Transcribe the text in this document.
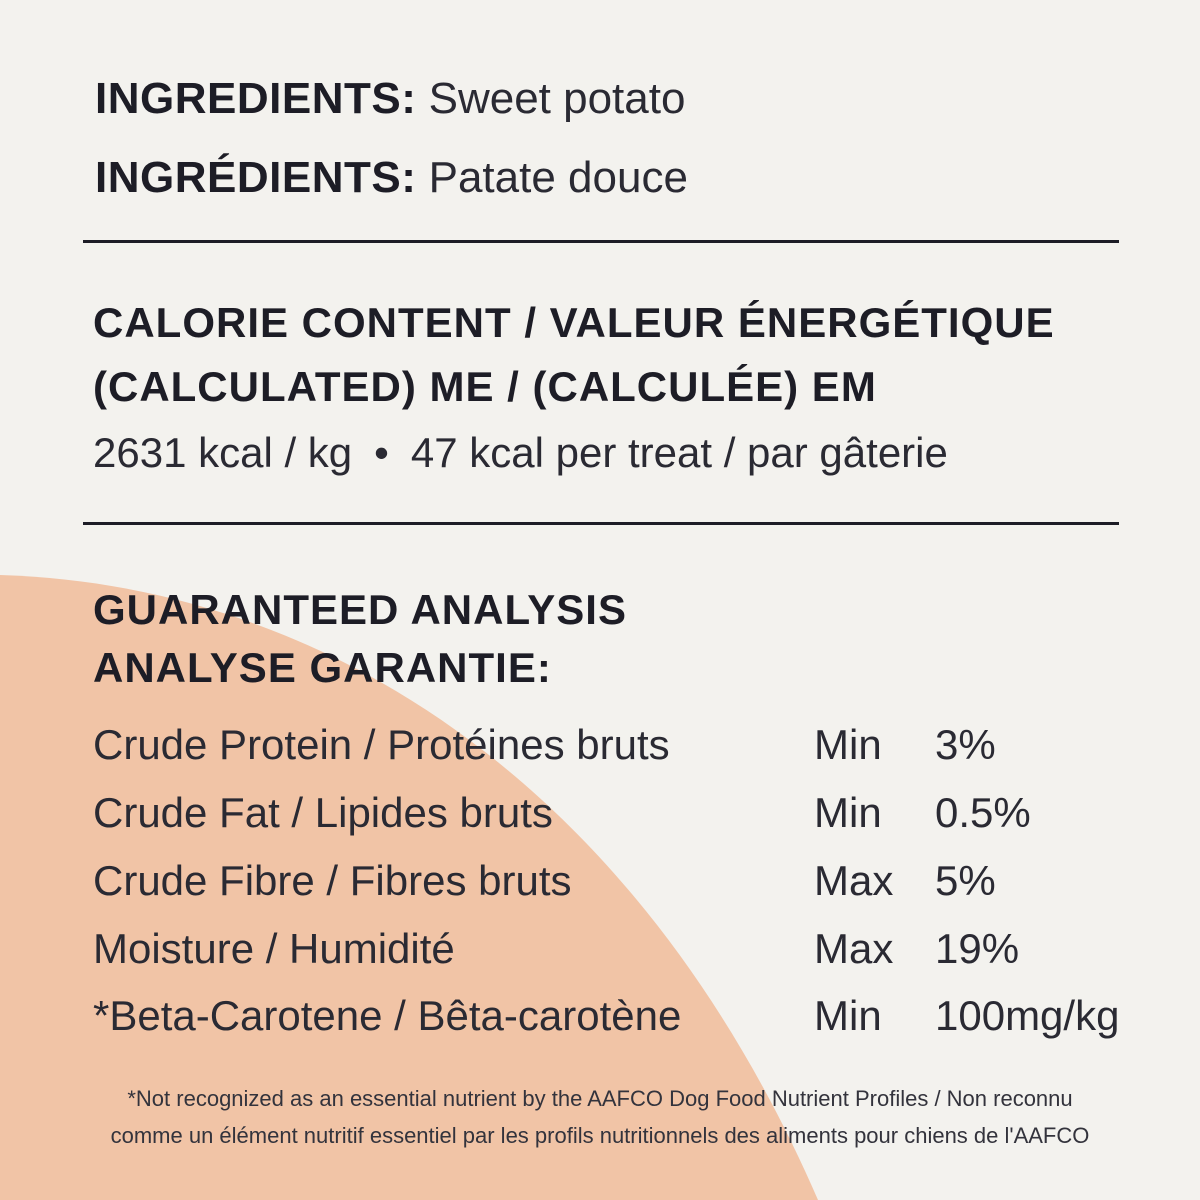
INGREDIENTS: Sweet potato
INGRÉDIENTS: Patate douce
CALORIE CONTENT / VALEUR ÉNERGÉTIQUE
(CALCULATED) ME / (CALCULÉE) EM
2631 kcal / kg • 47 kcal per treat / par gâterie
GUARANTEED ANALYSIS
ANALYSE GARANTIE:
Crude Protein / Protéines bruts	Min 3%
Crude Fat / Lipides bruts	Min 0.5%
Crude Fibre / Fibres bruts	Max 5%
Moisture / Humidité	Max 19%
*Beta-Carotene / Bêta-carotène	Min 100mg/kg
*Not recognized as an essential nutrient by the AAFCO Dog Food Nutrient Profiles / Non reconnu
comme un élément nutritif essentiel par les profils nutritionnels des aliments pour chiens de l'AAFCO
